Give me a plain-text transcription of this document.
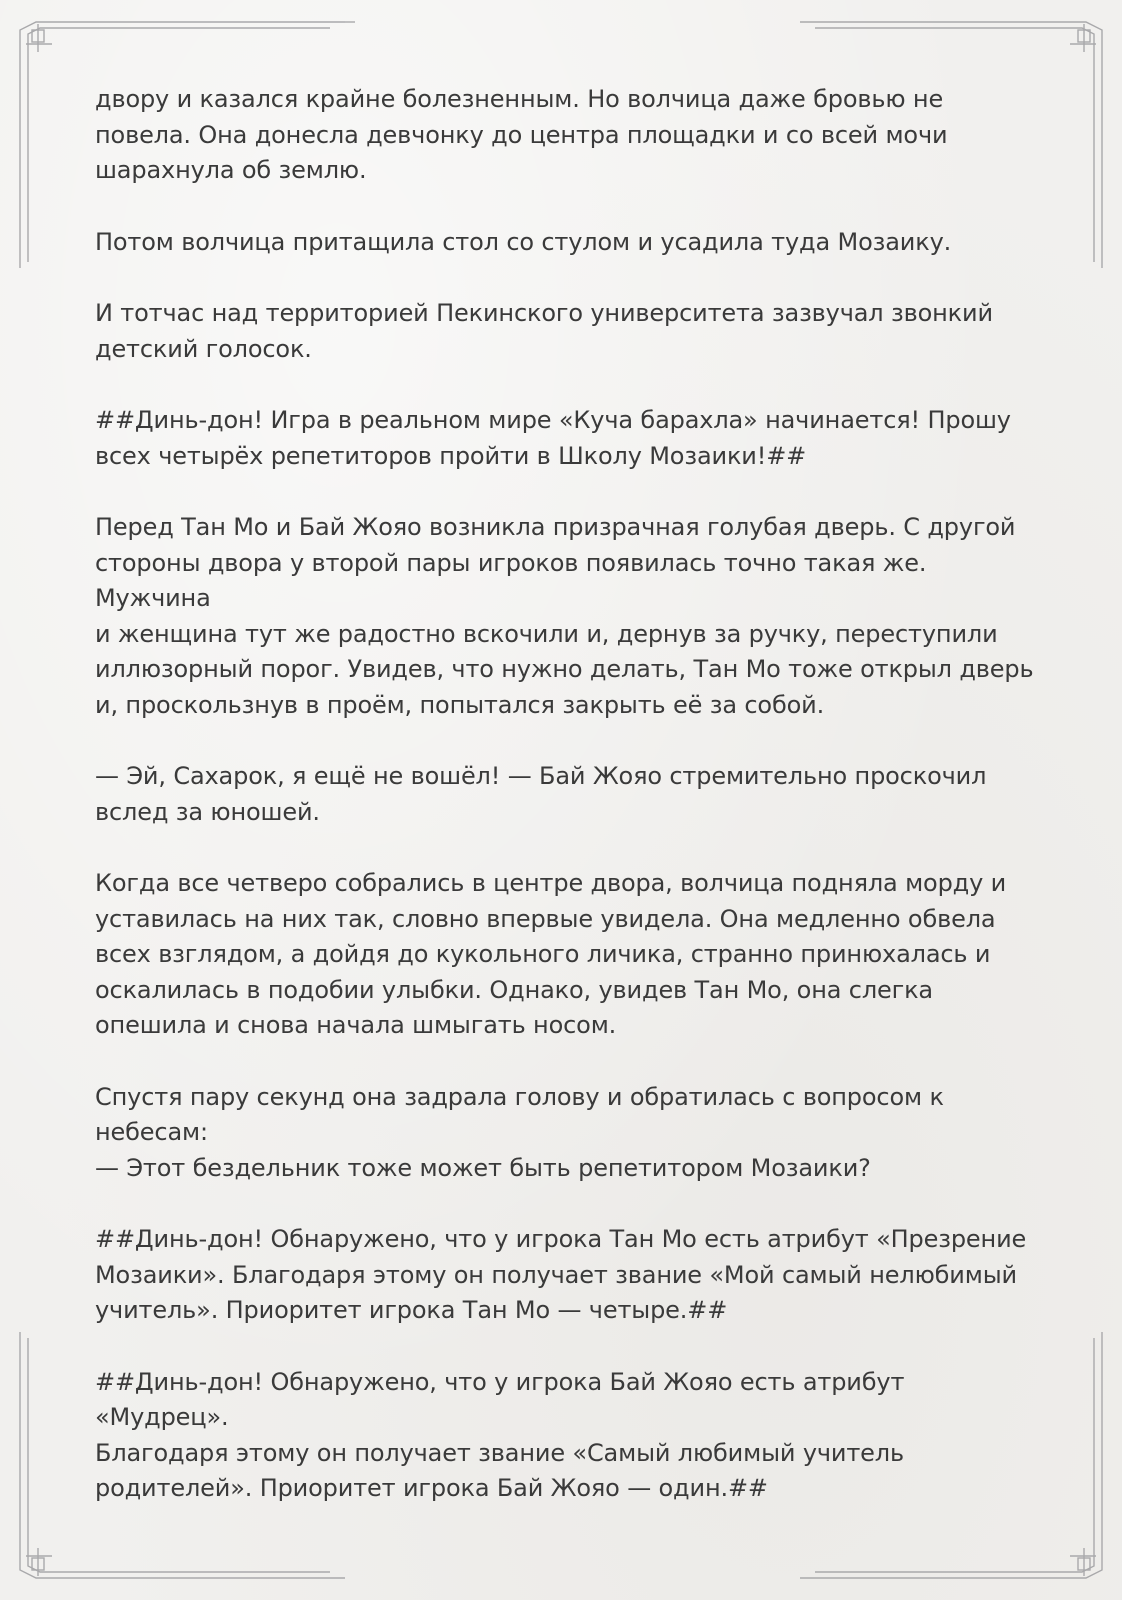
двору и казался крайне болезненным. Но волчица даже бровью не
повела. Она донесла девчонку до центра площадки и со всей мочи
шарахнула об землю.

Потом волчица притащила стол со стулом и усадила туда Мозаику.

И тотчас над территорией Пекинского университета зазвучал звонкий
детский голосок.

##Динь-дон! Игра в реальном мире «Куча барахла» начинается! Прошу
всех четырёх репетиторов пройти в Школу Мозаики!##

Перед Тан Мо и Бай Жояо возникла призрачная голубая дверь. С другой
стороны двора у второй пары игроков появилась точно такая же. Мужчина
и женщина тут же радостно вскочили и, дернув за ручку, переступили
иллюзорный порог. Увидев, что нужно делать, Тан Мо тоже открыл дверь
и, проскользнув в проём, попытался закрыть её за собой.

— Эй, Сахарок, я ещё не вошёл! — Бай Жояо стремительно проскочил
вслед за юношей.

Когда все четверо собрались в центре двора, волчица подняла морду и
уставилась на них так, словно впервые увидела. Она медленно обвела
всех взглядом, а дойдя до кукольного личика, странно принюхалась и
оскалилась в подобии улыбки. Однако, увидев Тан Мо, она слегка
опешила и снова начала шмыгать носом.

Спустя пару секунд она задрала голову и обратилась с вопросом к
небесам:
— Этот бездельник тоже может быть репетитором Мозаики?

##Динь-дон! Обнаружено, что у игрока Тан Мо есть атрибут «Презрение
Мозаики». Благодаря этому он получает звание «Мой самый нелюбимый
учитель». Приоритет игрока Тан Мо — четыре.##

##Динь-дон! Обнаружено, что у игрока Бай Жояо есть атрибут «Мудрец».
Благодаря этому он получает звание «Самый любимый учитель
родителей». Приоритет игрока Бай Жояо — один.##
